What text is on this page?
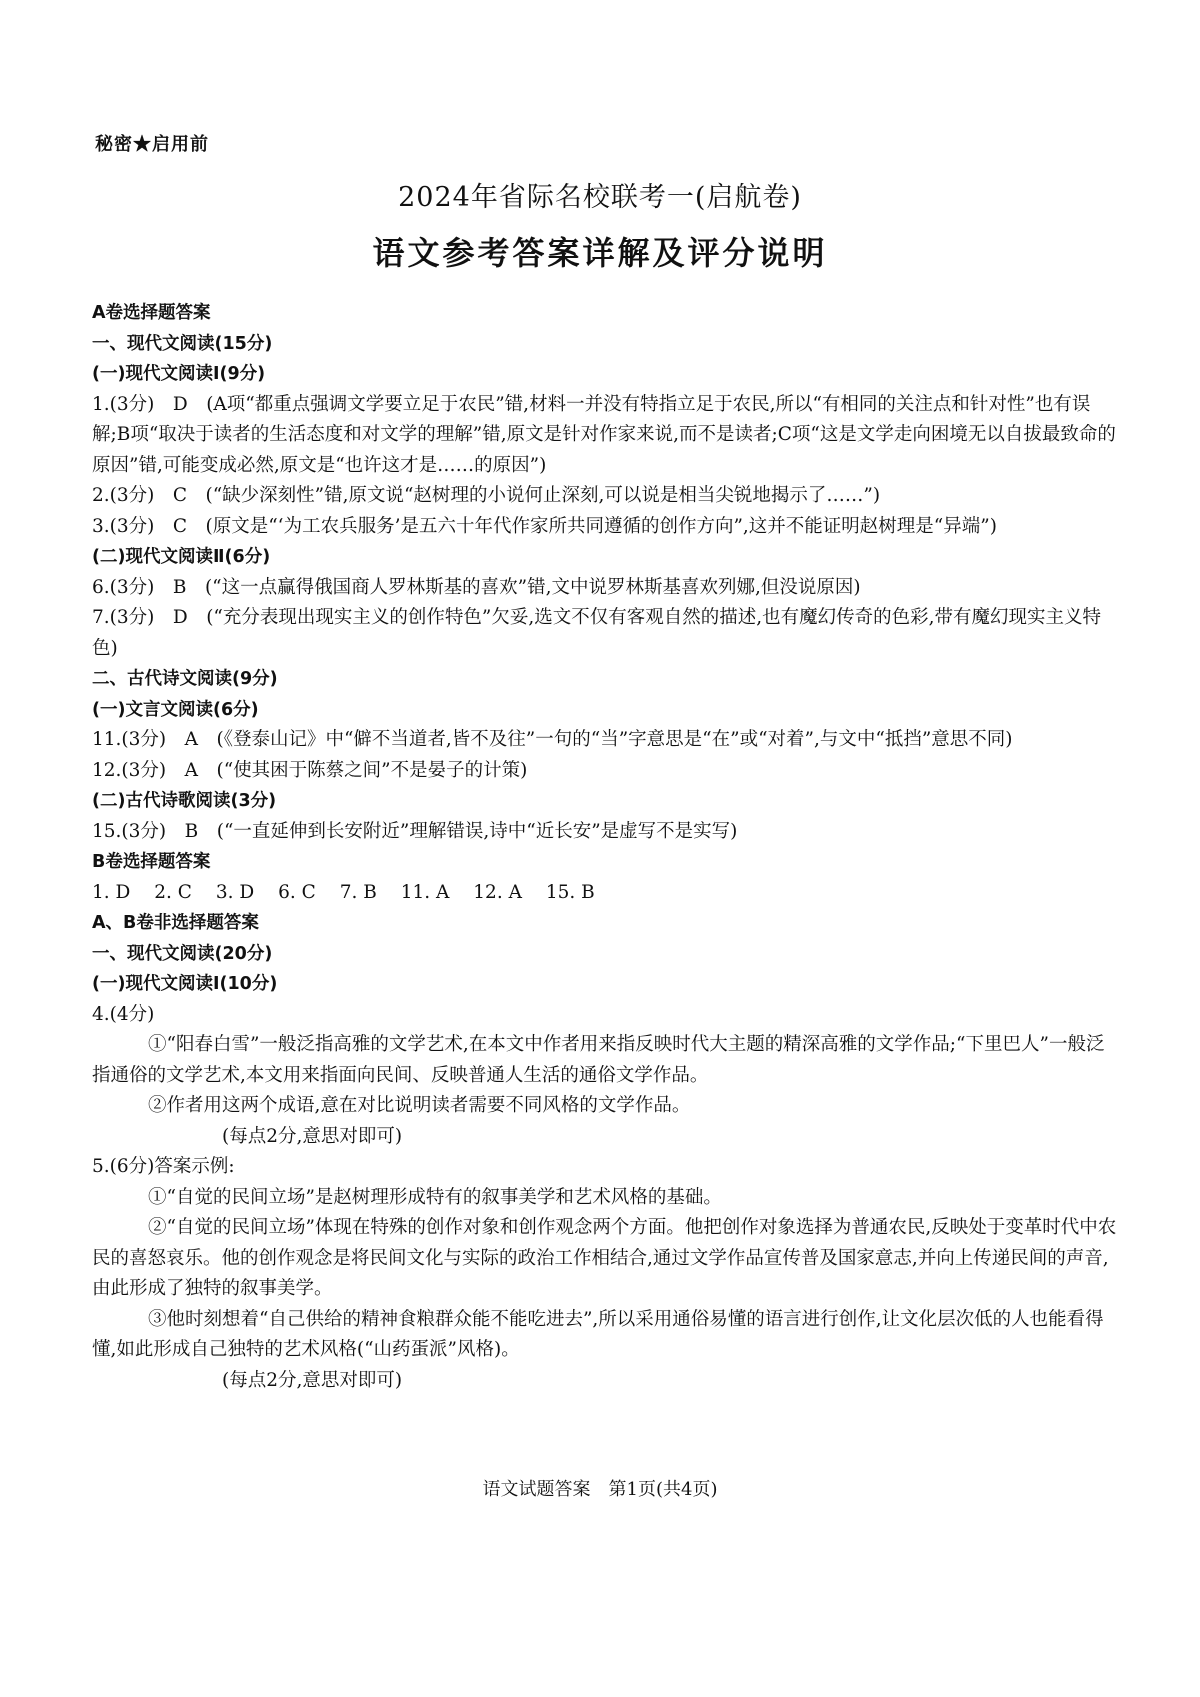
秘密★启用前
2024年省际名校联考一(启航卷)
语文参考答案详解及评分说明

A卷选择题答案

一、现代文阅读(15分)

(一)现代文阅读Ⅰ(9分)

1.(3分)　D　(A项“都重点强调文学要立足于农民”错,材料一并没有特指立足于农民,所以“有相同的关注点和针对性”也有误解;B项“取决于读者的生活态度和对文学的理解”错,原文是针对作家来说,而不是读者;C项“这是文学走向困境无以自拔最致命的原因”错,可能变成必然,原文是“也许这才是……的原因”)

2.(3分)　C　(“缺少深刻性”错,原文说“赵树理的小说何止深刻,可以说是相当尖锐地揭示了……”)

3.(3分)　C　(原文是“‘为工农兵服务’是五六十年代作家所共同遵循的创作方向”,这并不能证明赵树理是“异端”)

(二)现代文阅读Ⅱ(6分)

6.(3分)　B　(“这一点赢得俄国商人罗林斯基的喜欢”错,文中说罗林斯基喜欢列娜,但没说原因)

7.(3分)　D　(“充分表现出现实主义的创作特色”欠妥,选文不仅有客观自然的描述,也有魔幻传奇的色彩,带有魔幻现实主义特色)

二、古代诗文阅读(9分)

(一)文言文阅读(6分)

11.(3分)　A　(《登泰山记》中“僻不当道者,皆不及往”一句的“当”字意思是“在”或“对着”,与文中“抵挡”意思不同)

12.(3分)　A　(“使其困于陈蔡之间”不是晏子的计策)

(二)古代诗歌阅读(3分)

15.(3分)　B　(“一直延伸到长安附近”理解错误,诗中“近长安”是虚写不是实写)

B卷选择题答案

1. D 2. C 3. D 6. C 7. B 11. A 12. A 15. B

A、B卷非选择题答案

一、现代文阅读(20分)

(一)现代文阅读Ⅰ(10分)

4.(4分)

①“阳春白雪”一般泛指高雅的文学艺术,在本文中作者用来指反映时代大主题的精深高雅的文学作品;“下里巴人”一般泛指通俗的文学艺术,本文用来指面向民间、反映普通人生活的通俗文学作品。

②作者用这两个成语,意在对比说明读者需要不同风格的文学作品。

(每点2分,意思对即可)

5.(6分)答案示例:

①“自觉的民间立场”是赵树理形成特有的叙事美学和艺术风格的基础。

②“自觉的民间立场”体现在特殊的创作对象和创作观念两个方面。他把创作对象选择为普通农民,反映处于变革时代中农民的喜怒哀乐。他的创作观念是将民间文化与实际的政治工作相结合,通过文学作品宣传普及国家意志,并向上传递民间的声音,由此形成了独特的叙事美学。

③他时刻想着“自己供给的精神食粮群众能不能吃进去”,所以采用通俗易懂的语言进行创作,让文化层次低的人也能看得懂,如此形成自己独特的艺术风格(“山药蛋派”风格)。

(每点2分,意思对即可)

语文试题答案　第1页(共4页)
